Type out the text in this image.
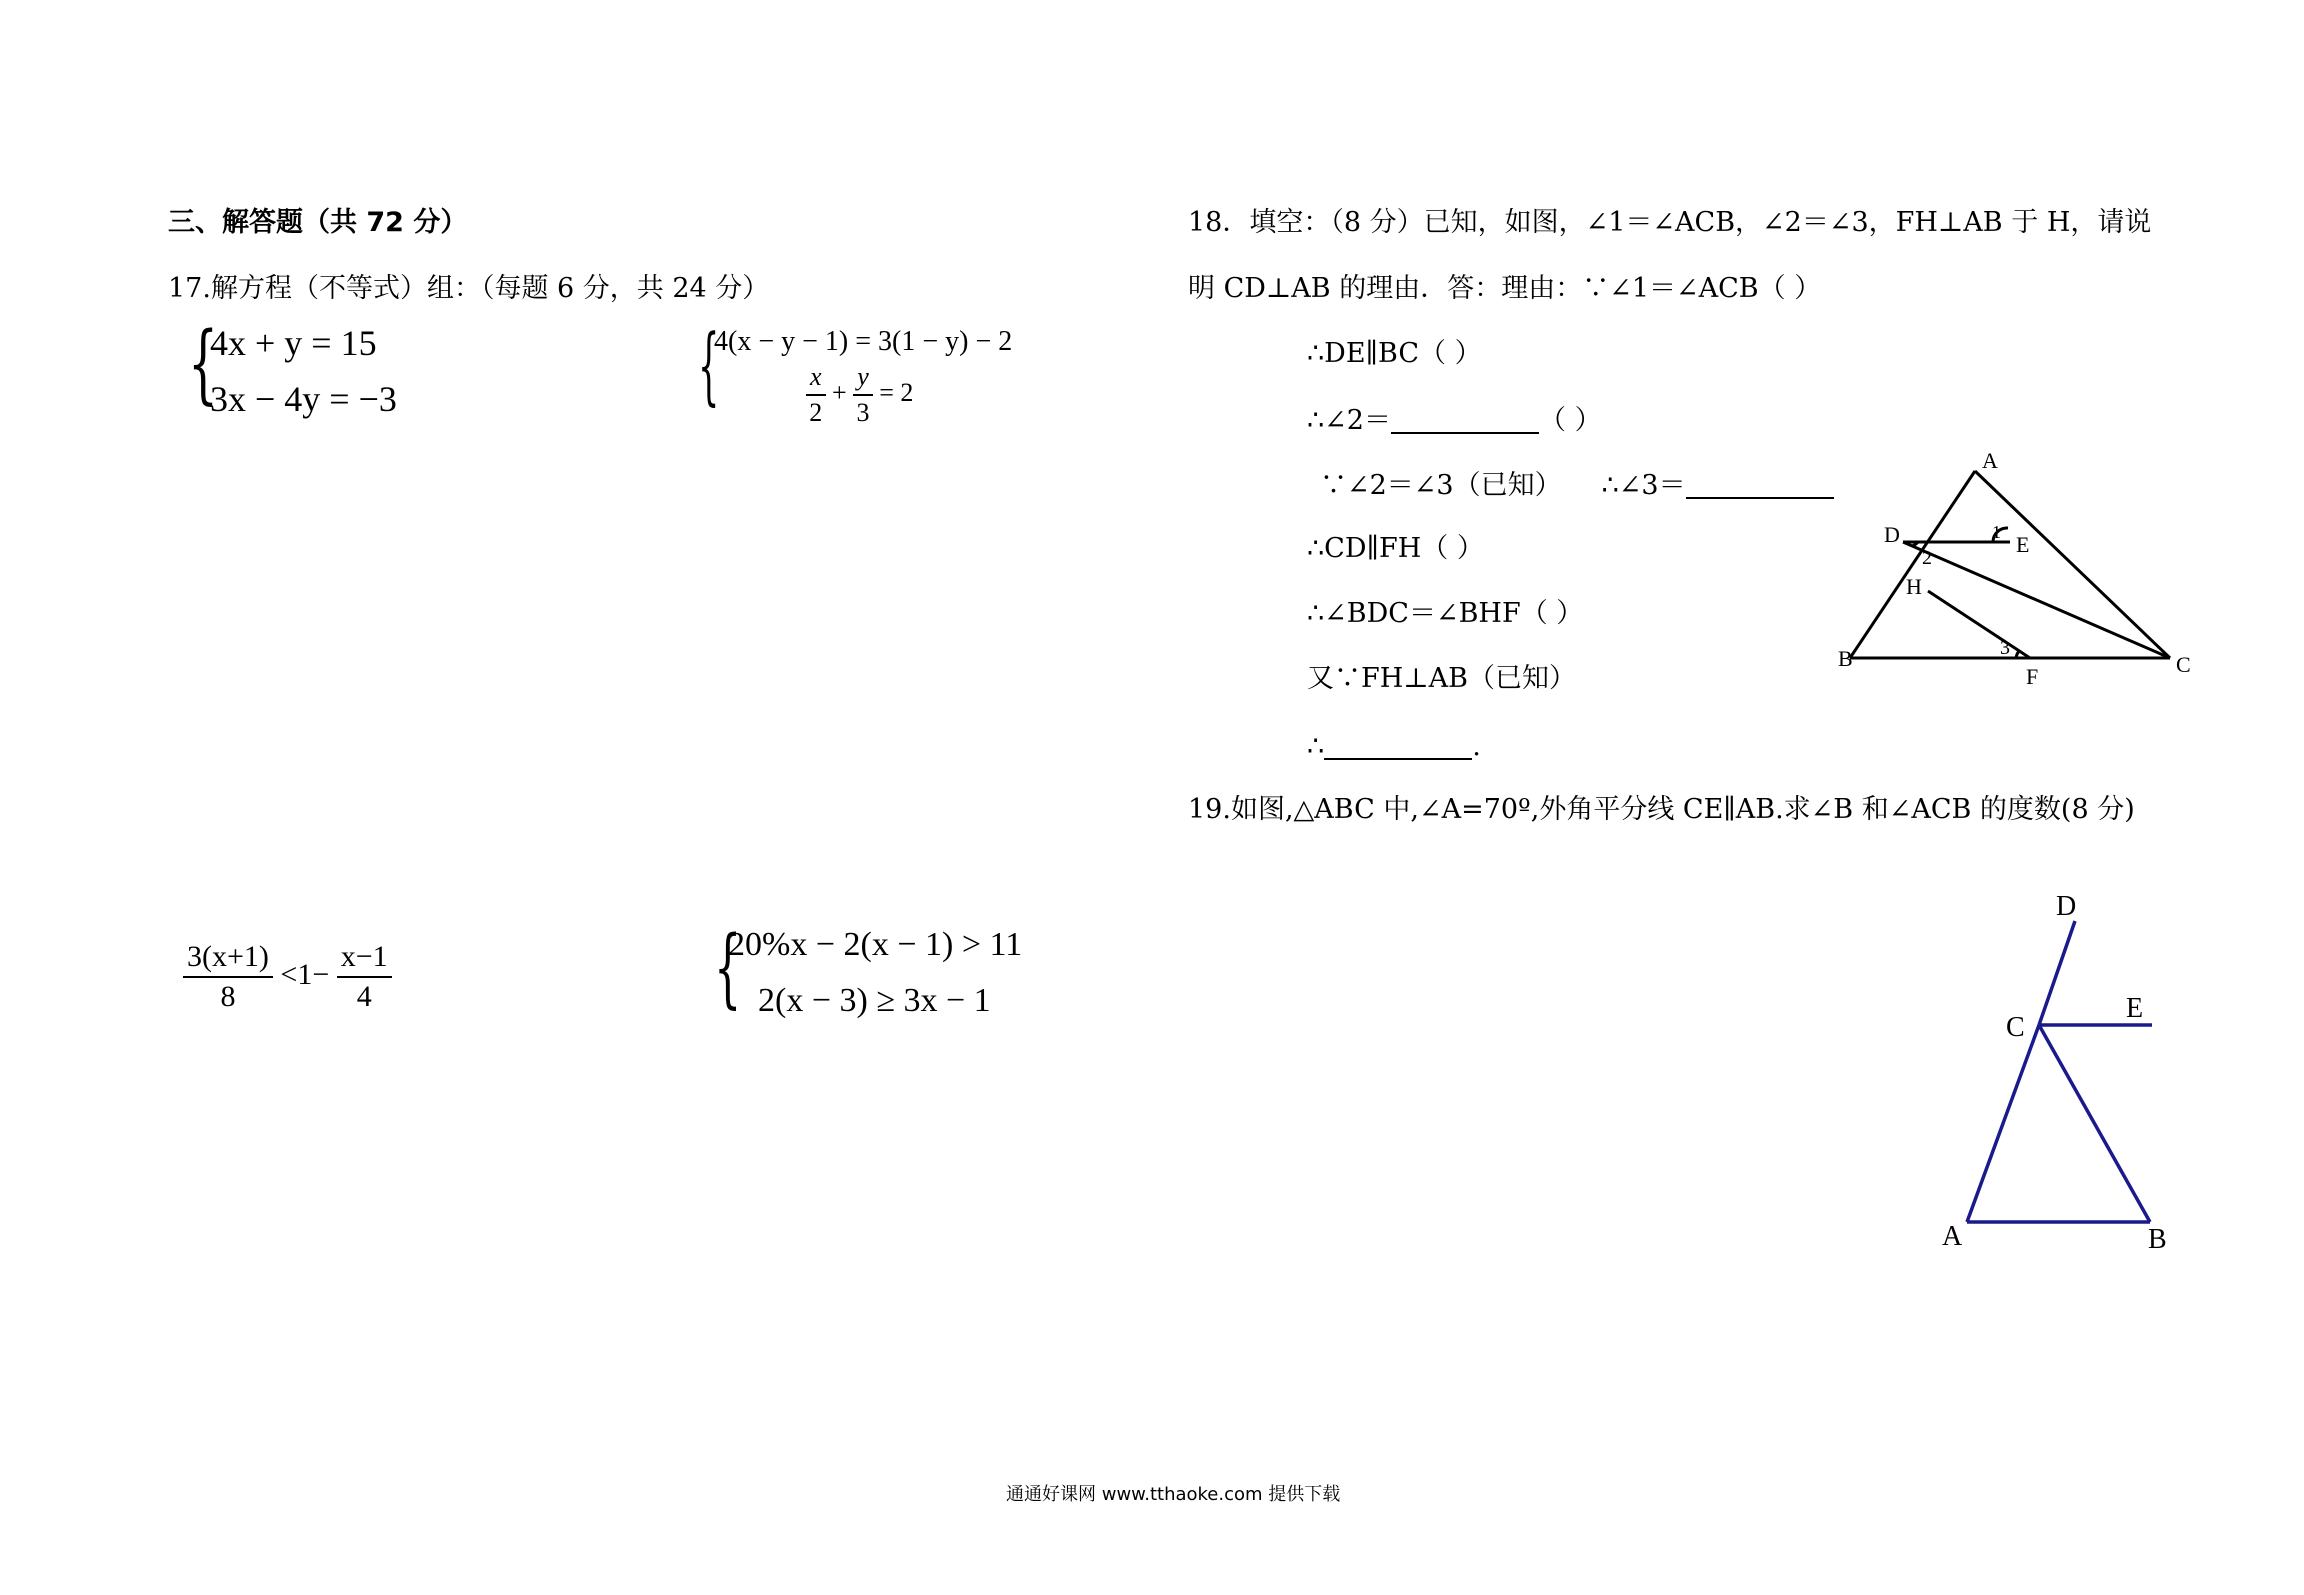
三、解答题（共 72 分）
17.解方程（不等式）组：（每题 6 分，共 24 分）
{
4x + y = 15
3x − 4y = −3	{
4(x − y − 1) = 3(1 − y) − 2
$\frac{x}{2} + \frac{y}{3} = 2$
$\frac{3(x+1)}{8} <1- \frac{x-1}{4}$	{
20%x − 2(x − 1) > 11
2(x − 3) ≥ 3x − 1
18．填空：（8 分）已知，如图，∠1＝∠ACB，∠2＝∠3，FH⊥AB 于 H，请说
明 CD⊥AB 的理由．答：理由：∵∠1＝∠ACB（ ）
∴DE∥BC（ ）
∴∠2＝	（ ）
∵∠2＝∠3（已知） ∴∠3＝
∴CD∥FH（ ）
∴∠BDC＝∠BHF（ ）
又∵FH⊥AB（已知）
∴	.
A
B	C
D	E
F
H
1
2
3
19.如图,△ABC 中,∠A=70º,外角平分线 CE∥AB.求∠B 和∠ACB 的度数(8 分)
D
E
C
A	B
通通好课网 www.tthaoke.com 提供下载
